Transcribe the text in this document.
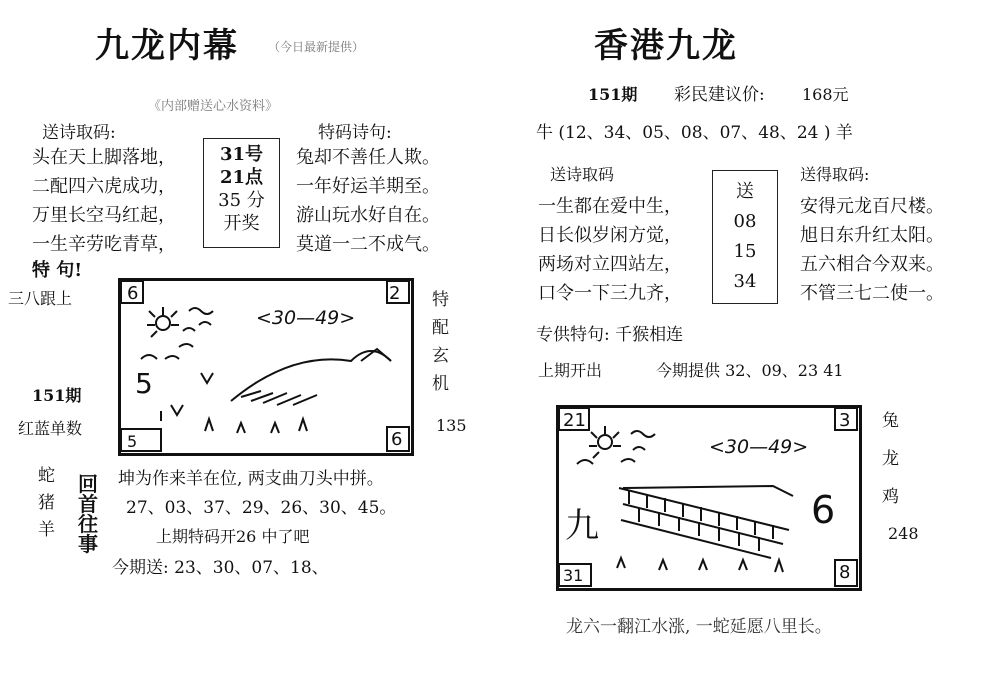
九龙内幕 （今日最新提供）
《内部赠送心水资料》
送诗取码:
头在天上脚落地，
二配四六虎成功，
万里长空马红起，
一生辛劳吃青草，
31号
21点
35 分
开奖
特码诗句:
兔却不善任人欺。
一年好运羊期至。
游山玩水好自在。
莫道一二不成气。
特 句!
三八跟上
151期
红蓝单数
特
配
玄
机
135
6	2
5	6
<30—49>
5
蛇
猪
羊
回
首
往
事
坤为作来羊在位, 两支曲刀头中拼。
27、03、37、29、26、30、45。
上期特码开26 中了吧
今期送: 23、30、07、18、
香港九龙
151期 彩民建议价: 168元
牛 (12、34、05、08、07、48、24 ) 羊
送诗取码
一生都在爱中生，
日长似岁闲方觉，
两场对立四站左，
口令一下三九齐，
送
08
15
34
送得取码:
安得元龙百尺楼。
旭日东升红太阳。
五六相合今双来。
不管三七二使一。
专供特句: 千猴相连
上期开出	今期提供 32、09、23 41
21	3
31	8
<30—49>
九	6
兔
龙
鸡
248
龙六一翻江水涨, 一蛇延愿八里长。
